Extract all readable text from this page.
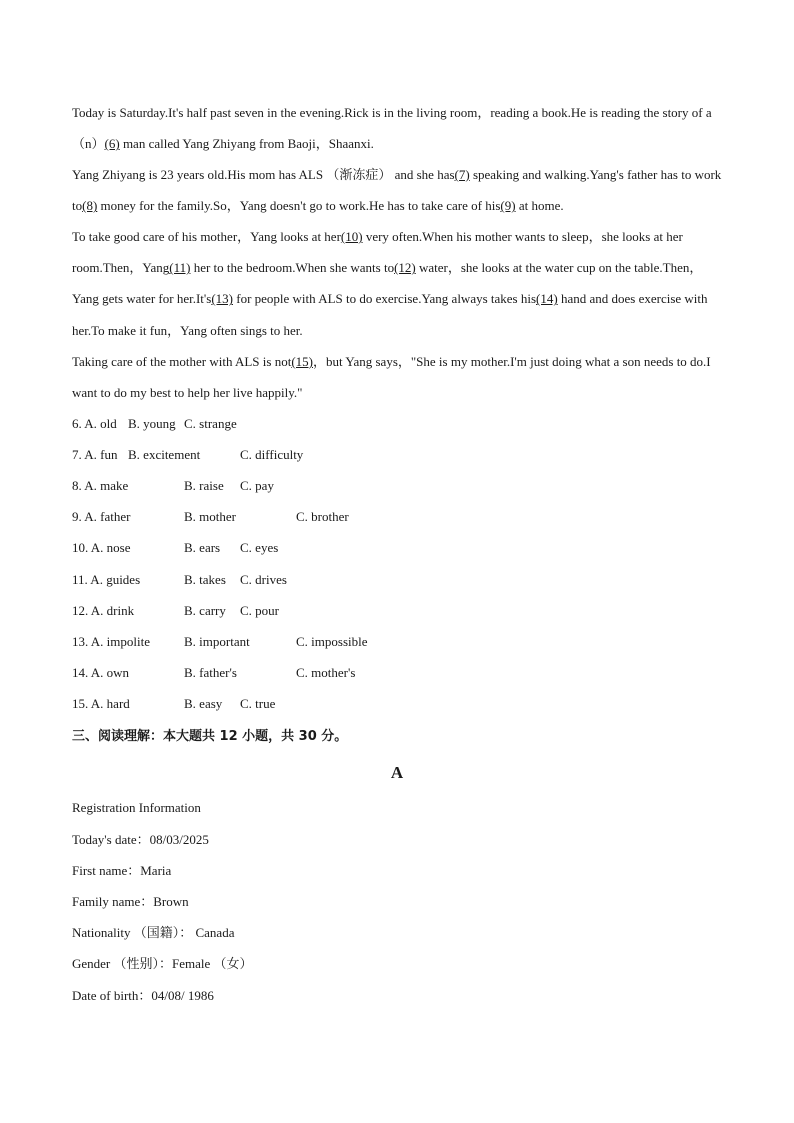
Today is Saturday.It's half past seven in the evening.Rick is in the living room，reading a book.He is reading the story of a（n）(6) man called Yang Zhiyang from Baoji，Shaanxi.

Yang Zhiyang is 23 years old.His mom has ALS （渐冻症） and she has(7) speaking and walking.Yang's father has to work to(8) money for the family.So，Yang doesn't go to work.He has to take care of his(9) at home.

To take good care of his mother，Yang looks at her(10) very often.When his mother wants to sleep，she looks at her room.Then，Yang(11) her to the bedroom.When she wants to(12) water，she looks at the water cup on the table.Then，Yang gets water for her.It's(13) for people with ALS to do exercise.Yang always takes his(14) hand and does exercise with her.To make it fun，Yang often sings to her.

Taking care of the mother with ALS is not(15)，but Yang says，"She is my mother.I'm just doing what a son needs to do.I want to do my best to help her live happily."

6. A. old B. young C. strange
7. A. fun B. excitement	C. difficulty
8. A. make	B. raise C. pay
9. A. father	B. mother	C. brother
10. A. nose	B. ears C. eyes
11. A. guides	B. takes C. drives
12. A. drink	B. carry C. pour
13. A. impolite	B. important	C. impossible
14. A. own	B. father's	C. mother's
15. A. hard	B. easy C. true
三、阅读理解：本大题共 12 小题，共 30 分。
A
Registration Information
Today's date：08/03/2025
First name：Maria
Family name：Brown
Nationality （国籍）： Canada
Gender （性别）：Female （女）
Date of birth：04/08/ 1986
